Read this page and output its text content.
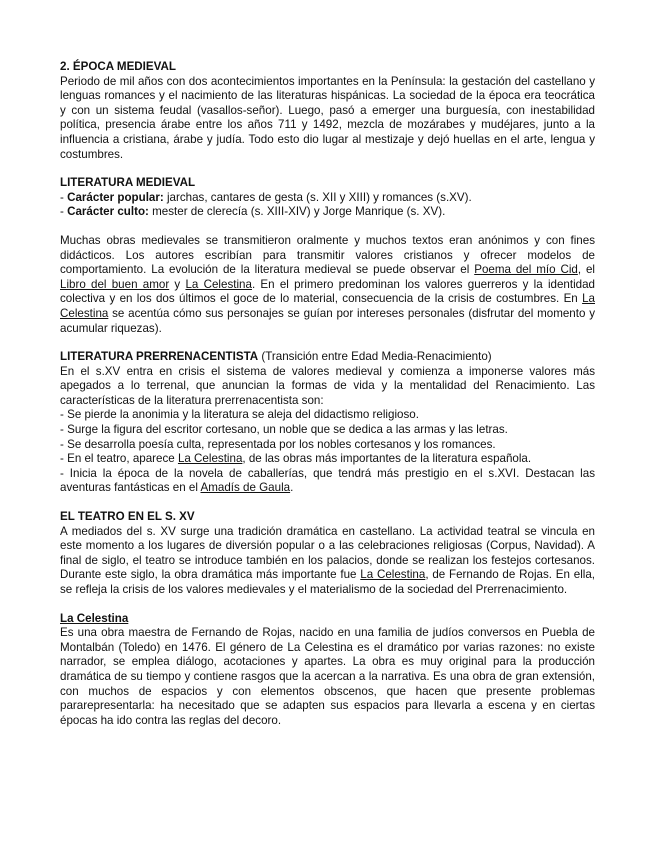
2. ÉPOCA MEDIEVAL

Periodo de mil años con dos acontecimientos importantes en la Península: la gestación del castellano y lenguas romances y el nacimiento de las literaturas hispánicas. La sociedad de la época era teocrática y con un sistema feudal (vasallos-señor). Luego, pasó a emerger una burguesía, con inestabilidad política, presencia árabe entre los años 711 y 1492, mezcla de mozárabes y mudéjares, junto a la influencia a cristiana, árabe y judía. Todo esto dio lugar al mestizaje y dejó huellas en el arte, lengua y costumbres.

LITERATURA MEDIEVAL

- Carácter popular: jarchas, cantares de gesta (s. XII y XIII) y romances (s.XV).

- Carácter culto: mester de clerecía (s. XIII-XIV) y Jorge Manrique (s. XV).

Muchas obras medievales se transmitieron oralmente y muchos textos eran anónimos y con fines didácticos. Los autores escribían para transmitir valores cristianos y ofrecer modelos de comportamiento. La evolución de la literatura medieval se puede observar el Poema del mío Cid, el Libro del buen amor y La Celestina. En el primero predominan los valores guerreros y la identidad colectiva y en los dos últimos el goce de lo material, consecuencia de la crisis de costumbres. En La Celestina se acentúa cómo sus personajes se guían por intereses personales (disfrutar del momento y acumular riquezas).

LITERATURA PRERRENACENTISTA (Transición entre Edad Media-Renacimiento)

En el s.XV entra en crisis el sistema de valores medieval y comienza a imponerse valores más apegados a lo terrenal, que anuncian la formas de vida y la mentalidad del Renacimiento. Las características de la literatura prerrenacentista son:

- Se pierde la anonimia y la literatura se aleja del didactismo religioso.

- Surge la figura del escritor cortesano, un noble que se dedica a las armas y las letras.

- Se desarrolla poesía culta, representada por los nobles cortesanos y los romances.

- En el teatro, aparece La Celestina, de las obras más importantes de la literatura española.

- Inicia la época de la novela de caballerías, que tendrá más prestigio en el s.XVI. Destacan las aventuras fantásticas en el Amadís de Gaula.

EL TEATRO EN EL S. XV

A mediados del s. XV surge una tradición dramática en castellano. La actividad teatral se vincula en este momento a los lugares de diversión popular o a las celebraciones religiosas (Corpus, Navidad). A final de siglo, el teatro se introduce también en los palacios, donde se realizan los festejos cortesanos. Durante este siglo, la obra dramática más importante fue La Celestina, de Fernando de Rojas. En ella, se refleja la crisis de los valores medievales y el materialismo de la sociedad del Prerrenacimiento.

La Celestina

Es una obra maestra de Fernando de Rojas, nacido en una familia de judíos conversos en Puebla de Montalbán (Toledo) en 1476. El género de La Celestina es el dramático por varias razones: no existe narrador, se emplea diálogo, acotaciones y apartes. La obra es muy original para la producción dramática de su tiempo y contiene rasgos que la acercan a la narrativa. Es una obra de gran extensión, con muchos de espacios y con elementos obscenos, que hacen que presente problemas pararepresentarla: ha necesitado que se adapten sus espacios para llevarla a escena y en ciertas épocas ha ido contra las reglas del decoro.
